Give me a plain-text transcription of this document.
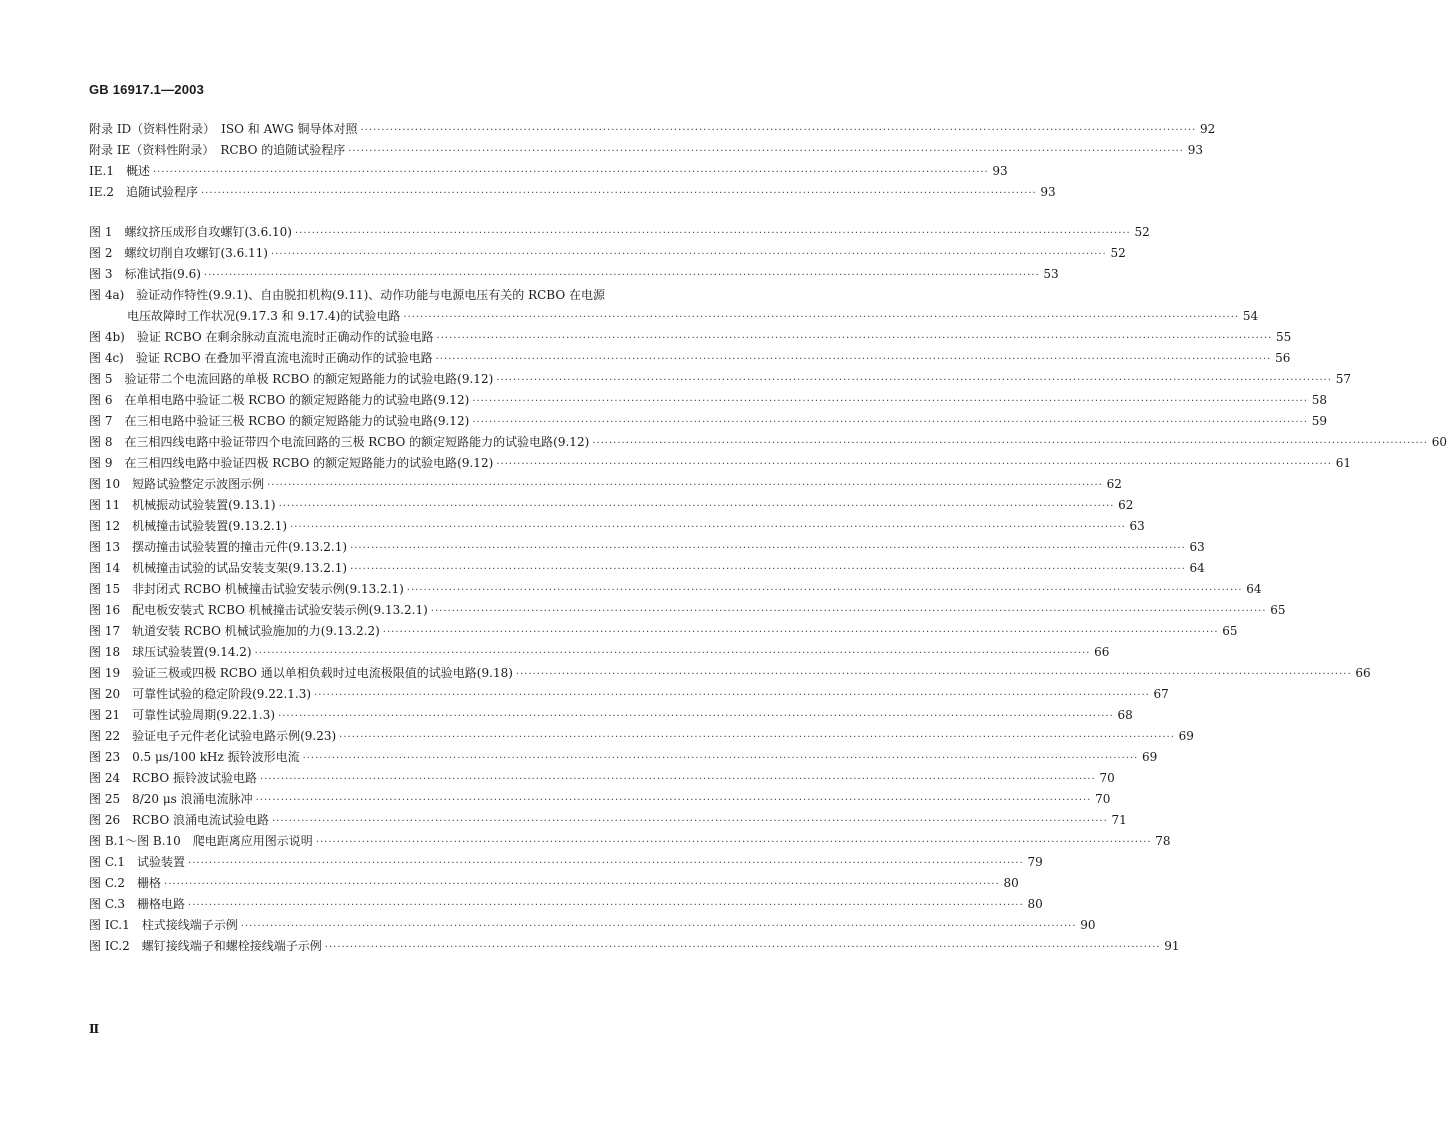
GB 16917.1—2003
附录 ID（资料性附录）　ISO 和 AWG 铜导体对照 ········································································································································································································ 92
附录 IE（资料性附录）　RCBO 的追随试验程序 ········································································································································································································ 93
IE.1　概述 ········································································································································································································ 93
IE.2　追随试验程序 ········································································································································································································ 93
图 1　螺纹挤压成形自攻螺钉(3.6.10) ········································································································································································································ 52
图 2　螺纹切削自攻螺钉(3.6.11) ········································································································································································································ 52
图 3　标准试指(9.6) ········································································································································································································ 53
图 4a)　验证动作特性(9.9.1)、自由脱扣机构(9.11)、动作功能与电源电压有关的 RCBO 在电源
电压故障时工作状况(9.17.3 和 9.17.4)的试验电路 ········································································································································································································ 54
图 4b)　验证 RCBO 在剩余脉动直流电流时正确动作的试验电路 ········································································································································································································ 55
图 4c)　验证 RCBO 在叠加平滑直流电流时正确动作的试验电路 ········································································································································································································ 56
图 5　验证带二个电流回路的单极 RCBO 的额定短路能力的试验电路(9.12) ········································································································································································································ 57
图 6　在单相电路中验证二极 RCBO 的额定短路能力的试验电路(9.12) ········································································································································································································ 58
图 7　在三相电路中验证三极 RCBO 的额定短路能力的试验电路(9.12) ········································································································································································································ 59
图 8　在三相四线电路中验证带四个电流回路的三极 RCBO 的额定短路能力的试验电路(9.12) ········································································································································································································ 60
图 9　在三相四线电路中验证四极 RCBO 的额定短路能力的试验电路(9.12) ········································································································································································································ 61
图 10　短路试验整定示波图示例 ········································································································································································································ 62
图 11　机械振动试验装置(9.13.1) ········································································································································································································ 62
图 12　机械撞击试验装置(9.13.2.1) ········································································································································································································ 63
图 13　摆动撞击试验装置的撞击元件(9.13.2.1) ········································································································································································································ 63
图 14　机械撞击试验的试品安装支架(9.13.2.1) ········································································································································································································ 64
图 15　非封闭式 RCBO 机械撞击试验安装示例(9.13.2.1) ········································································································································································································ 64
图 16　配电板安装式 RCBO 机械撞击试验安装示例(9.13.2.1) ········································································································································································································ 65
图 17　轨道安装 RCBO 机械试验施加的力(9.13.2.2) ········································································································································································································ 65
图 18　球压试验装置(9.14.2) ········································································································································································································ 66
图 19　验证三极或四极 RCBO 通以单相负载时过电流极限值的试验电路(9.18) ········································································································································································································ 66
图 20　可靠性试验的稳定阶段(9.22.1.3) ········································································································································································································ 67
图 21　可靠性试验周期(9.22.1.3) ········································································································································································································ 68
图 22　验证电子元件老化试验电路示例(9.23) ········································································································································································································ 69
图 23　0.5 μs/100 kHz 振铃波形电流 ········································································································································································································ 69
图 24　RCBO 振铃波试验电路 ········································································································································································································ 70
图 25　8/20 μs 浪涌电流脉冲 ········································································································································································································ 70
图 26　RCBO 浪涌电流试验电路 ········································································································································································································ 71
图 B.1～图 B.10　爬电距离应用图示说明 ········································································································································································································ 78
图 C.1　试验装置 ········································································································································································································ 79
图 C.2　栅格 ········································································································································································································ 80
图 C.3　栅格电路 ········································································································································································································ 80
图 IC.1　柱式接线端子示例 ········································································································································································································ 90
图 IC.2　螺钉接线端子和螺栓接线端子示例 ········································································································································································································ 91
Ⅱ
